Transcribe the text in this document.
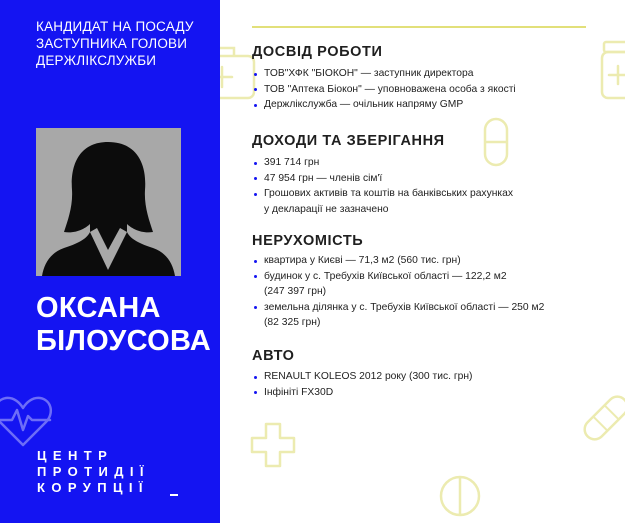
КАНДИДАТ НА ПОСАДУ
ЗАСТУПНИКА ГОЛОВИ
ДЕРЖЛІКСЛУЖБИ
ОКСАНА
БІЛОУСОВА
ЦЕНТР
ПРОТИДІЇ
КОРУПЦІЇ
ДОСВІД РОБОТИ
ТОВ"ХФК "БІОКОН" — заступник директора
ТОВ "Аптека Біокон" — уповноважена особа з якості
Держлікслужба — очільник напряму GMP
ДОХОДИ ТА ЗБЕРІГАННЯ
391 714 грн
47 954 грн — членів сім'ї
Грошових активів та коштів на банківських рахунках
у декларації не зазначено
НЕРУХОМІСТЬ
квартира у Києві — 71,3 м2 (560 тис. грн)
будинок у с. Требухів Київської області — 122,2 м2
(247 397 грн)
земельна ділянка у с. Требухів Київської області — 250 м2
(82 325 грн)
АВТО
RENAULT KOLEOS 2012 року (300 тис. грн)
Інфініті FX30D
